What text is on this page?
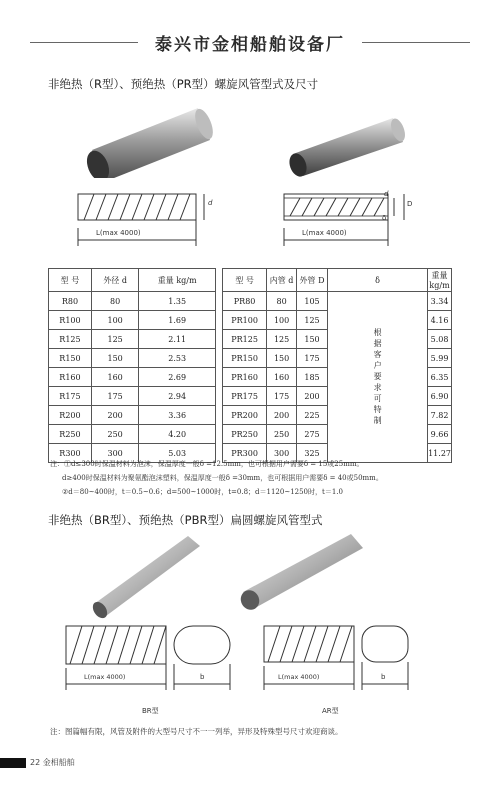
泰兴市金相船舶设备厂
非绝热（R型）、预绝热（PR型）螺旋风管型式及尺寸
L(max 4000)
d
L(max 4000)
d
D
δ
型 号	外径 d	重量 kg/m
R80	80	1.35
R100	100	1.69
R125	125	2.11
R150	150	2.53
R160	160	2.69
R175	175	2.94
R200	200	3.36
R250	250	4.20
R300	300	5.03
型 号	内管 d	外管 D	δ	重量 kg/m
PR80	80	105	根据客户要求可特制	3.34
PR100	100	125		4.16
PR125	125	150		5.08
PR150	150	175		5.99
PR160	160	185		6.35
PR175	175	200		6.90
PR200	200	225		7.82
PR250	250	275		9.66
PR300	300	325		11.27
注：①d≤300时保温材料为泡沫，保温厚度一般δ =12.5mm，也可根据用户需要δ = 15或25mm。
d≥400时保温材料为聚氨酯泡沫塑料，保温厚度一般δ =30mm，也可根据用户需要δ = 40或50mm。
②d＝80~400时，t＝0.5~0.6；d=500~1000时，t=0.8；d＝1120~1250时，t＝1.0
非绝热（BR型）、预绝热（PBR型）扁圆螺旋风管型式
L(max 4000)	b
BR型
L(max 4000)	b
AR型
注：图篇幅有限，风管及附件的大型号尺寸不一一列举，异形及特殊型号尺寸欢迎商谈。
22 金相船舶
